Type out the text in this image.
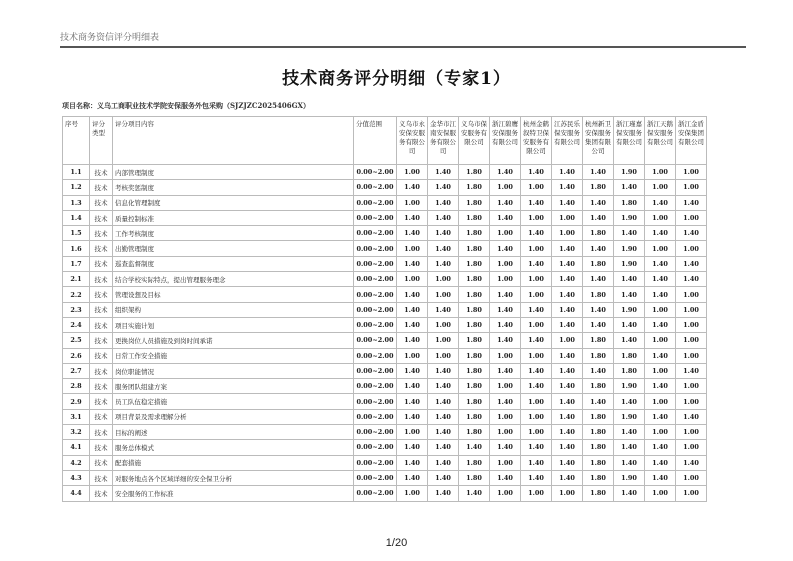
技术商务资信评分明细表
技术商务评分明细（专家1）
项目名称：义乌工商职业技术学院安保服务外包采购（SJZJZC2025406GX）
序号	评分类型	评分项目内容	分值范围	义乌市永安保安服务有限公司	金华市江南安保服务有限公司	义乌市保安服务有限公司	浙江碧鹰安保服务有限公司	杭州金鹤叙特卫保安服务有限公司	江苏民乐保安服务有限公司	杭州新卫安保服务集团有限公司	浙江瑾嘉保安服务有限公司	浙江天鹅保安服务有限公司	浙江金盾安保集团有限公司
1.1	技术	内部管理制度	0.00~2.00	1.00	1.40	1.80	1.40	1.40	1.40	1.40	1.90	1.00	1.00
1.2	技术	考核奖惩制度	0.00~2.00	1.40	1.40	1.80	1.00	1.00	1.40	1.80	1.40	1.00	1.00
1.3	技术	信息化管理制度	0.00~2.00	1.00	1.40	1.80	1.40	1.40	1.40	1.40	1.80	1.40	1.40
1.4	技术	质量控制标准	0.00~2.00	1.40	1.40	1.80	1.40	1.00	1.00	1.40	1.90	1.00	1.00
1.5	技术	工作考核制度	0.00~2.00	1.40	1.40	1.80	1.00	1.40	1.00	1.80	1.40	1.40	1.40
1.6	技术	出勤管理制度	0.00~2.00	1.00	1.40	1.80	1.40	1.00	1.40	1.40	1.90	1.00	1.00
1.7	技术	巡查监督制度	0.00~2.00	1.40	1.40	1.80	1.00	1.40	1.40	1.80	1.90	1.40	1.40
2.1	技术	结合学校实际特点，提出管理服务理念	0.00~2.00	1.00	1.00	1.80	1.00	1.00	1.40	1.40	1.40	1.40	1.40
2.2	技术	管理设想及目标	0.00~2.00	1.40	1.00	1.80	1.40	1.00	1.40	1.80	1.40	1.40	1.00
2.3	技术	组织架构	0.00~2.00	1.40	1.40	1.80	1.40	1.40	1.40	1.40	1.90	1.00	1.00
2.4	技术	项目实施计划	0.00~2.00	1.40	1.00	1.80	1.40	1.00	1.40	1.40	1.40	1.40	1.00
2.5	技术	更换岗位人员措施及到岗时间承诺	0.00~2.00	1.40	1.00	1.80	1.40	1.40	1.00	1.80	1.40	1.00	1.00
2.6	技术	日常工作安全措施	0.00~2.00	1.00	1.00	1.80	1.00	1.00	1.40	1.80	1.80	1.40	1.00
2.7	技术	岗位职能情况	0.00~2.00	1.40	1.40	1.80	1.40	1.40	1.40	1.40	1.80	1.00	1.40
2.8	技术	服务团队组建方案	0.00~2.00	1.40	1.40	1.80	1.00	1.40	1.40	1.80	1.90	1.40	1.00
2.9	技术	员工队伍稳定措施	0.00~2.00	1.40	1.40	1.80	1.40	1.00	1.40	1.40	1.40	1.00	1.00
3.1	技术	项目背景及需求理解分析	0.00~2.00	1.40	1.40	1.80	1.00	1.00	1.40	1.80	1.90	1.40	1.40
3.2	技术	目标的阐述	0.00~2.00	1.00	1.40	1.80	1.00	1.00	1.40	1.80	1.40	1.00	1.00
4.1	技术	服务总体模式	0.00~2.00	1.40	1.40	1.40	1.40	1.40	1.40	1.80	1.40	1.40	1.00
4.2	技术	配套措施	0.00~2.00	1.40	1.40	1.80	1.00	1.40	1.40	1.80	1.40	1.40	1.40
4.3	技术	对服务地点各个区域详细的安全保卫分析	0.00~2.00	1.40	1.40	1.80	1.40	1.40	1.40	1.80	1.90	1.40	1.00
4.4	技术	安全服务的工作标准	0.00~2.00	1.00	1.40	1.40	1.00	1.00	1.00	1.80	1.40	1.00	1.00
1/20
